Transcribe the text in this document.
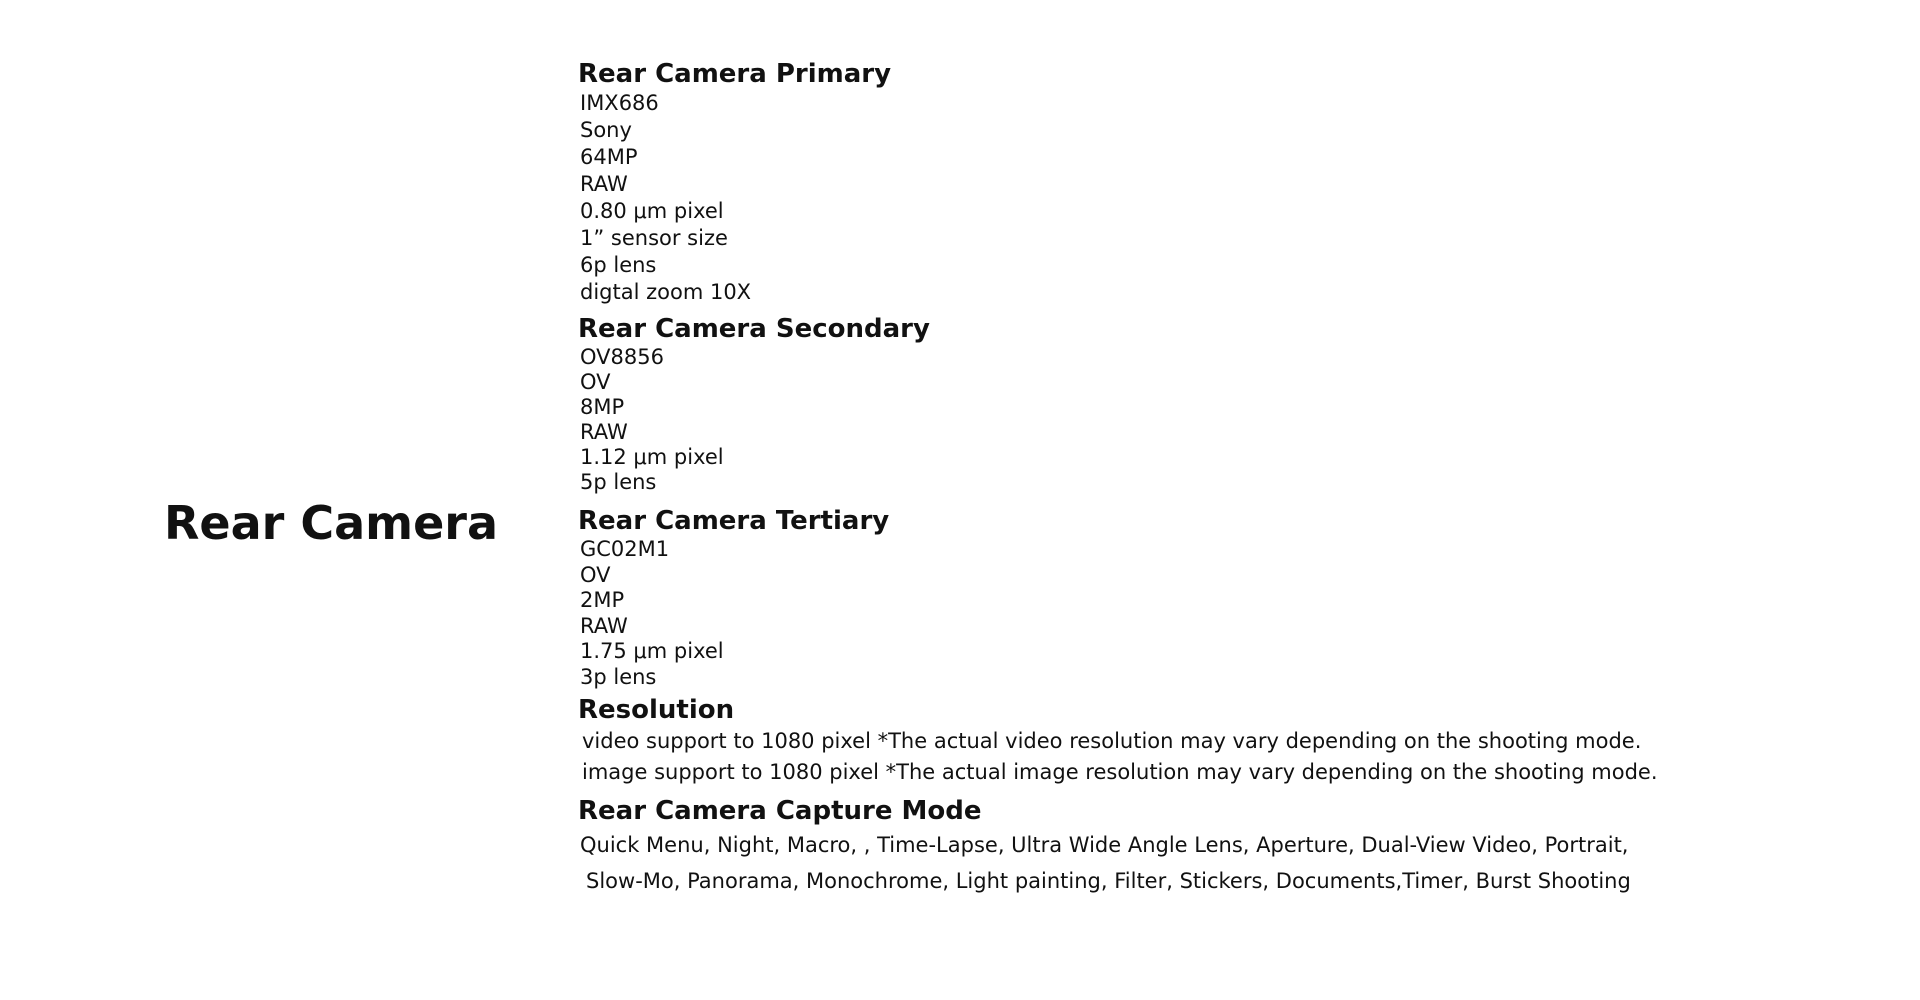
Rear Camera
Rear Camera Primary
IMX686
Sony
64MP
RAW
0.80 μm pixel
1” sensor size
6p lens
digtal zoom 10X
Rear Camera Secondary
OV8856
OV
8MP
RAW
1.12 μm pixel
5p lens
Rear Camera Tertiary
GC02M1
OV
2MP
RAW
1.75 μm pixel
3p lens
Resolution
video support to 1080 pixel *The actual video resolution may vary depending on the shooting mode.
image support to 1080 pixel *The actual image resolution may vary depending on the shooting mode.
Rear Camera Capture Mode
Quick Menu, Night, Macro, , Time-Lapse, Ultra Wide Angle Lens, Aperture, Dual-View Video, Portrait,
Slow-Mo, Panorama, Monochrome, Light painting, Filter, Stickers, Documents,Timer, Burst Shooting
